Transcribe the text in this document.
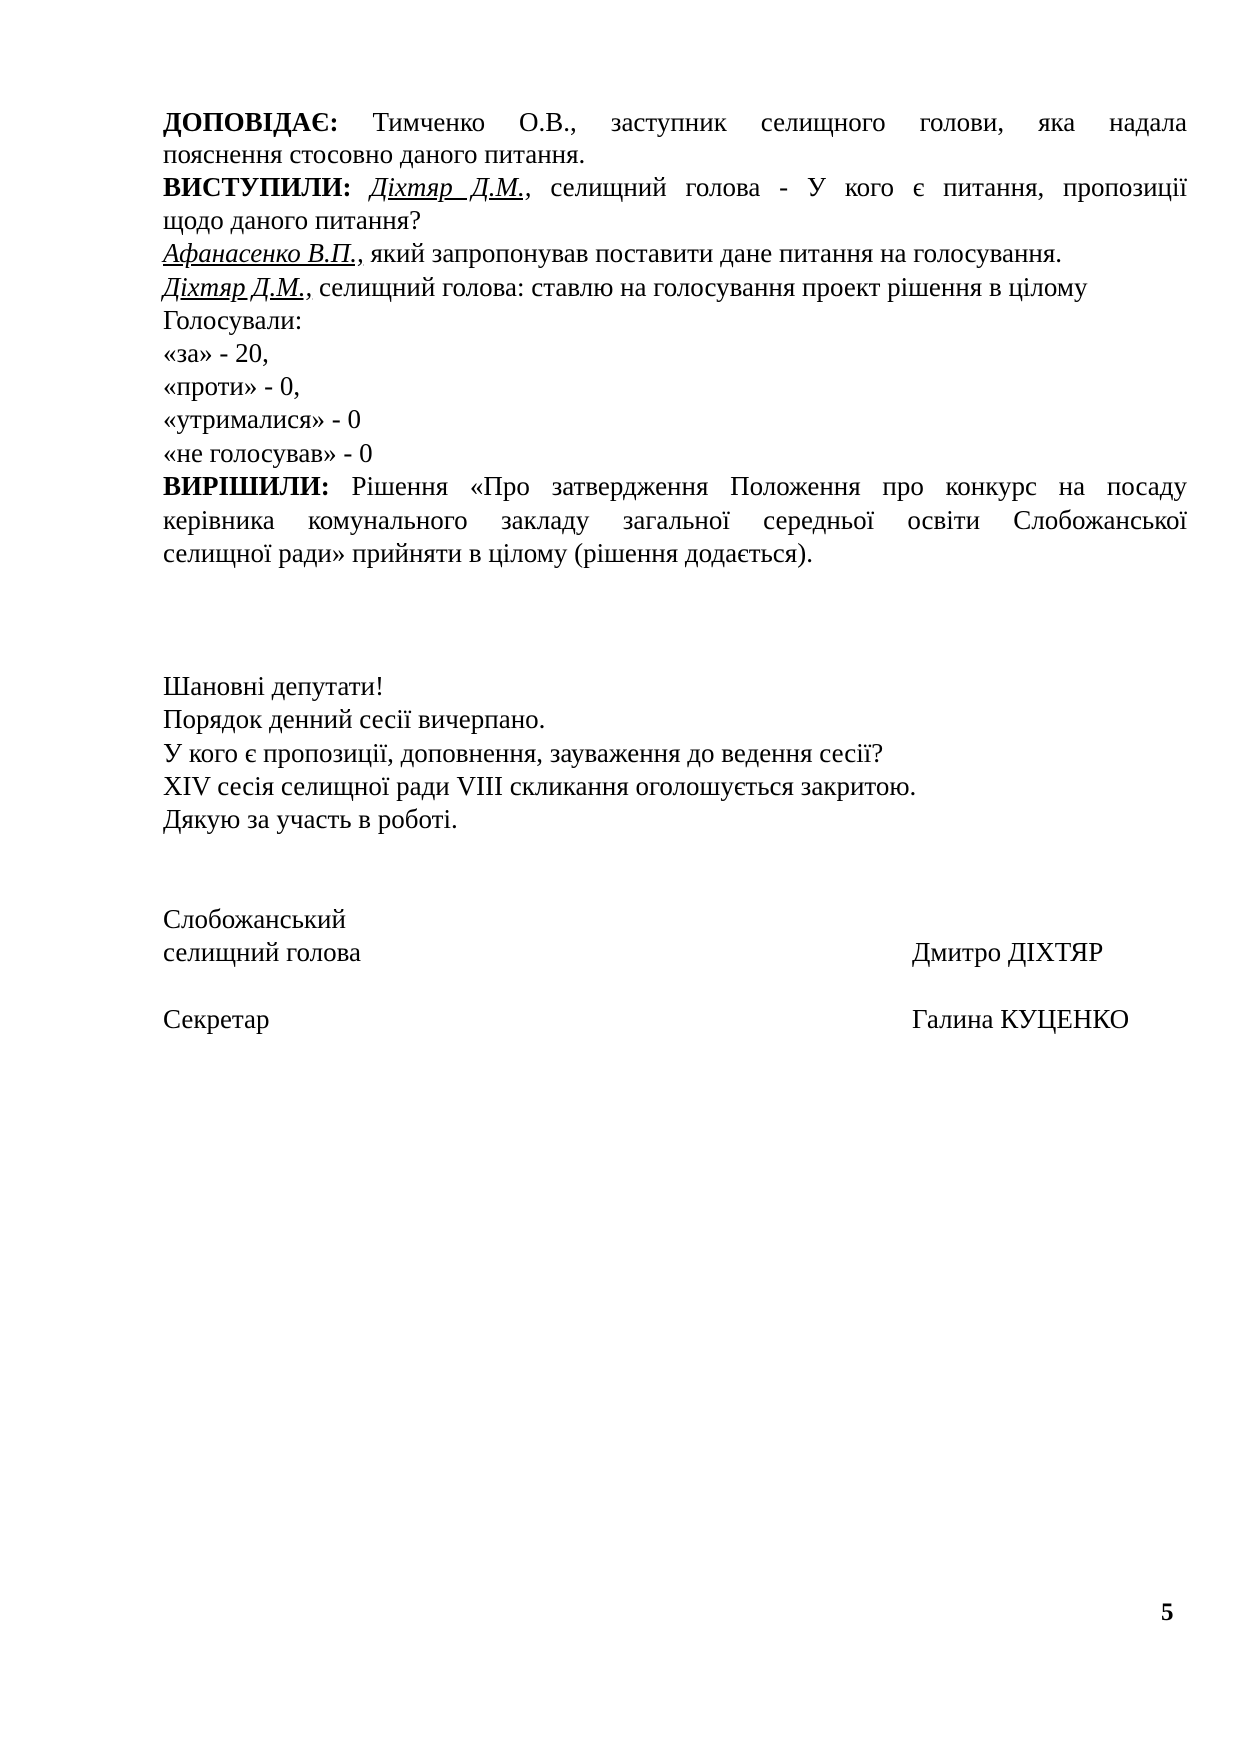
ДОПОВІДАЄ: Тимченко О.В., заступник селищного голови, яка надала
пояснення стосовно даного питання.
ВИСТУПИЛИ: Діхтяр Д.М., селищний голова - У кого є питання, пропозиції
щодо даного питання?
Афанасенко В.П., який запропонував поставити дане питання на голосування.
Діхтяр Д.М., селищний голова: ставлю на голосування проект рішення в цілому
Голосували:
«за» - 20,
«проти» - 0,
«утрималися» - 0
«не голосував» - 0
ВИРІШИЛИ: Рішення «Про затвердження Положення про конкурс на посаду
керівника комунального закладу загальної середньої освіти Слобожанської
селищної ради» прийняти в цілому (рішення додається).
Шановні депутати!
Порядок денний сесії вичерпано.
У кого є пропозиції, доповнення, зауваження до ведення сесії?
XIV сесія селищної ради VIII скликання оголошується закритою.
Дякую за участь в роботі.
Слобожанський
селищний голова	Дмитро ДІХТЯР
Секретар	Галина КУЦЕНКО
5
